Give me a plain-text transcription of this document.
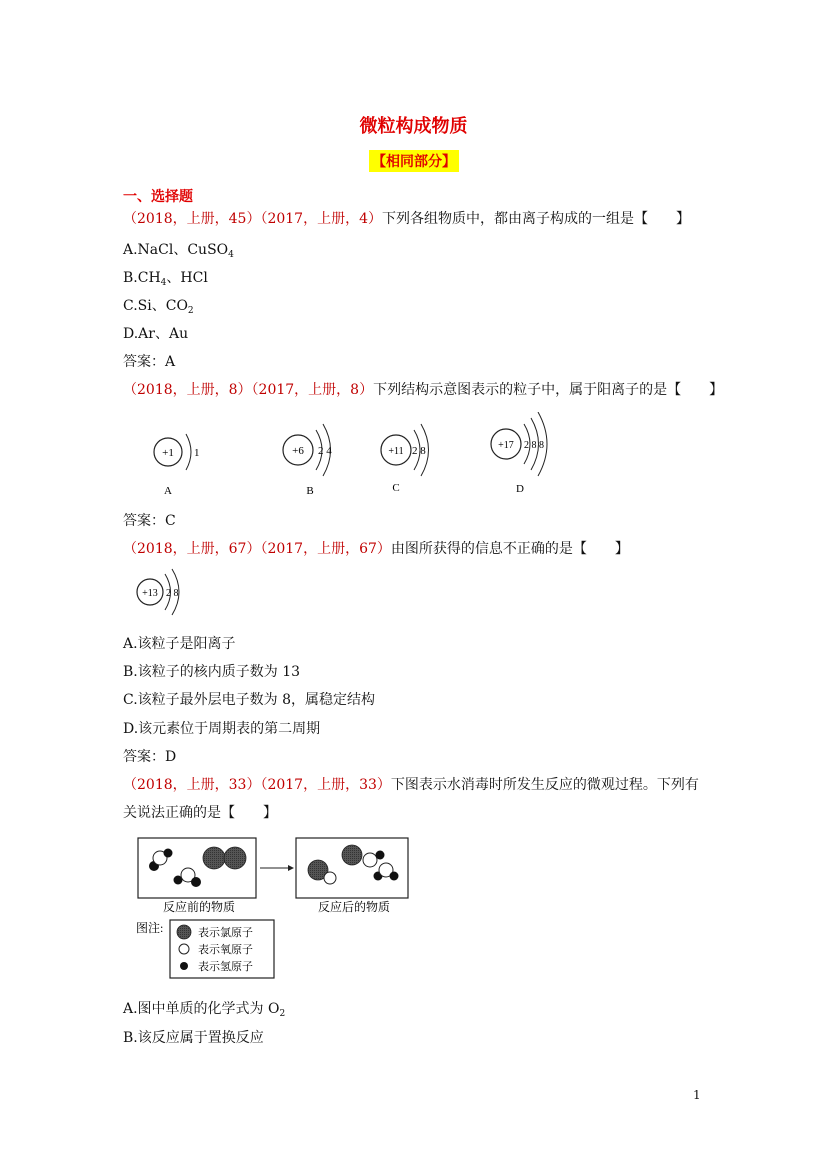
微粒构成物质
【相同部分】
一、选择题
（2018，上册，45）（2017，上册，4）下列各组物质中，都由离子构成的一组是【　　】
A.NaCl、CuSO$_4$
$B.CH_4$、HCl
C.Si、$CO_2$
D.Ar、Au
答案：A
（2018，上册，8）（2017，上册，8）下列结构示意图表示的粒子中，属于阳离子的是【　　】
+1 1
A
+6 2 4
B
+11 2 8
C
+17 2 8 8
D
答案：C
（2018，上册，67）（2017，上册，67）由图所获得的信息不正确的是【　　】
+13 2 8
A.该粒子是阳离子
B.该粒子的核内质子数为 13
C.该粒子最外层电子数为 8，属稳定结构
D.该元素位于周期表的第二周期
答案：D
（2018，上册，33）（2017，上册，33）下图表示水消毒时所发生反应的微观过程。下列有
关说法正确的是【　　】
反应前的物质	反应后的物质
图注:	表示氯原子
表示氧原子
表示氢原子
A.图中单质的化学式为 $O_2$
B.该反应属于置换反应
1
